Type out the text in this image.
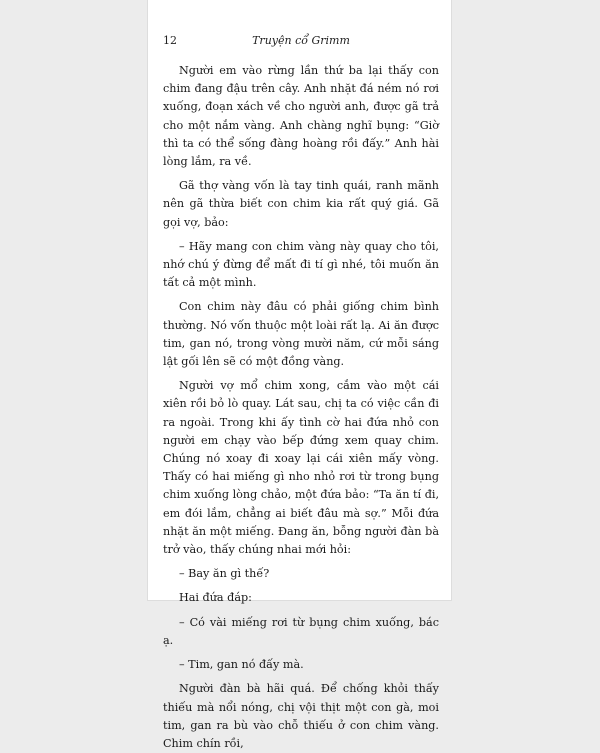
12	Truyện cổ Grimm

Người em vào rừng lần thứ ba lại thấy con chim đang đậu trên cây. Anh nhặt đá ném nó rơi xuống, đoạn xách về cho người anh, được gã trả cho một nắm vàng. Anh chàng nghĩ bụng: “Giờ thì ta có thể sống đàng hoàng rồi đấy.” Anh hài lòng lắm, ra về.

Gã thợ vàng vốn là tay tinh quái, ranh mãnh nên gã thừa biết con chim kia rất quý giá. Gã gọi vợ, bảo:

– Hãy mang con chim vàng này quay cho tôi, nhớ chú ý đừng để mất đi tí gì nhé, tôi muốn ăn tất cả một mình.

Con chim này đâu có phải giống chim bình thường. Nó vốn thuộc một loài rất lạ. Ai ăn được tim, gan nó, trong vòng mười năm, cứ mỗi sáng lật gối lên sẽ có một đồng vàng.

Người vợ mổ chim xong, cắm vào một cái xiên rồi bỏ lò quay. Lát sau, chị ta có việc cần đi ra ngoài. Trong khi ấy tình cờ hai đứa nhỏ con người em chạy vào bếp đứng xem quay chim. Chúng nó xoay đi xoay lại cái xiên mấy vòng. Thấy có hai miếng gì nho nhỏ rơi từ trong bụng chim xuống lòng chảo, một đứa bảo: “Ta ăn tí đi, em đói lắm, chẳng ai biết đâu mà sợ.” Mỗi đứa nhặt ăn một miếng. Đang ăn, bỗng người đàn bà trở vào, thấy chúng nhai mới hỏi:

– Bay ăn gì thế?

Hai đứa đáp:

– Có vài miếng rơi từ bụng chim xuống, bác ạ.

– Tim, gan nó đấy mà.

Người đàn bà hãi quá. Để chống khỏi thấy thiếu mà nổi nóng, chị vội thịt một con gà, moi tim, gan ra bù vào chỗ thiếu ở con chim vàng. Chim chín rồi,
